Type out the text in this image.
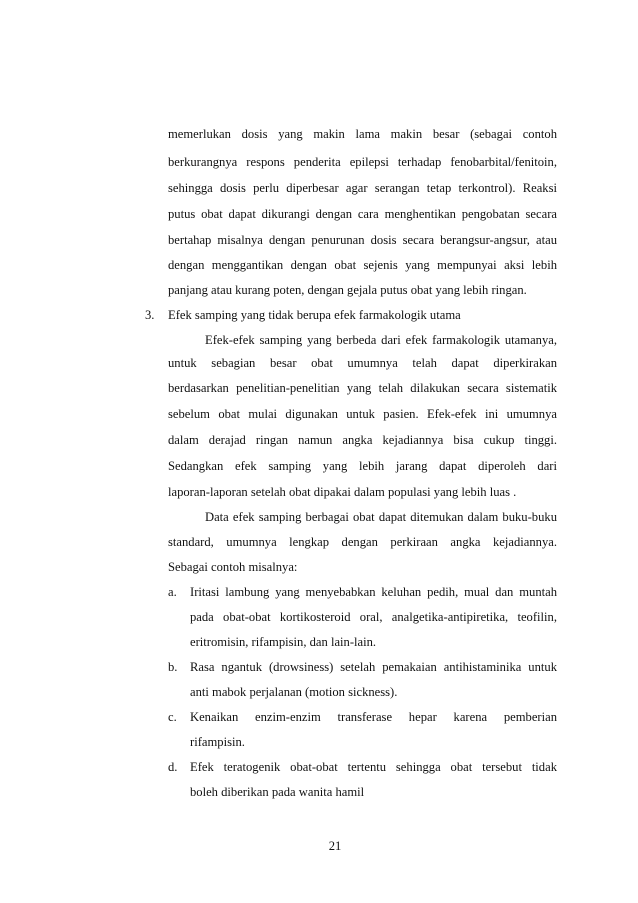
memerlukan dosis yang makin lama makin besar (sebagai contoh
berkurangnya respons penderita epilepsi terhadap fenobarbital/fenitoin,
sehingga dosis perlu diperbesar agar serangan tetap terkontrol). Reaksi
putus obat dapat dikurangi dengan cara menghentikan pengobatan secara
bertahap misalnya dengan penurunan dosis secara berangsur-angsur, atau
dengan menggantikan dengan obat sejenis yang mempunyai aksi lebih
panjang atau kurang poten, dengan gejala putus obat yang lebih ringan.
3. Efek samping yang tidak berupa efek farmakologik utama
Efek-efek samping yang berbeda dari efek farmakologik utamanya,
untuk sebagian besar obat umumnya telah dapat diperkirakan
berdasarkan penelitian-penelitian yang telah dilakukan secara sistematik
sebelum obat mulai digunakan untuk pasien. Efek-efek ini umumnya
dalam derajad ringan namun angka kejadiannya bisa cukup tinggi.
Sedangkan efek samping yang lebih jarang dapat diperoleh dari
laporan-laporan setelah obat dipakai dalam populasi yang lebih luas .
Data efek samping berbagai obat dapat ditemukan dalam buku-buku
standard, umumnya lengkap dengan perkiraan angka kejadiannya.
Sebagai contoh misalnya:
a. Iritasi lambung yang menyebabkan keluhan pedih, mual dan muntah
pada obat-obat kortikosteroid oral, analgetika-antipiretika, teofilin,
eritromisin, rifampisin, dan lain-lain.
b. Rasa ngantuk (drowsiness) setelah pemakaian antihistaminika untuk
anti mabok perjalanan (motion sickness).
c. Kenaikan enzim-enzim transferase hepar karena pemberian
rifampisin.
d. Efek teratogenik obat-obat tertentu sehingga obat tersebut tidak
boleh diberikan pada wanita hamil
21
